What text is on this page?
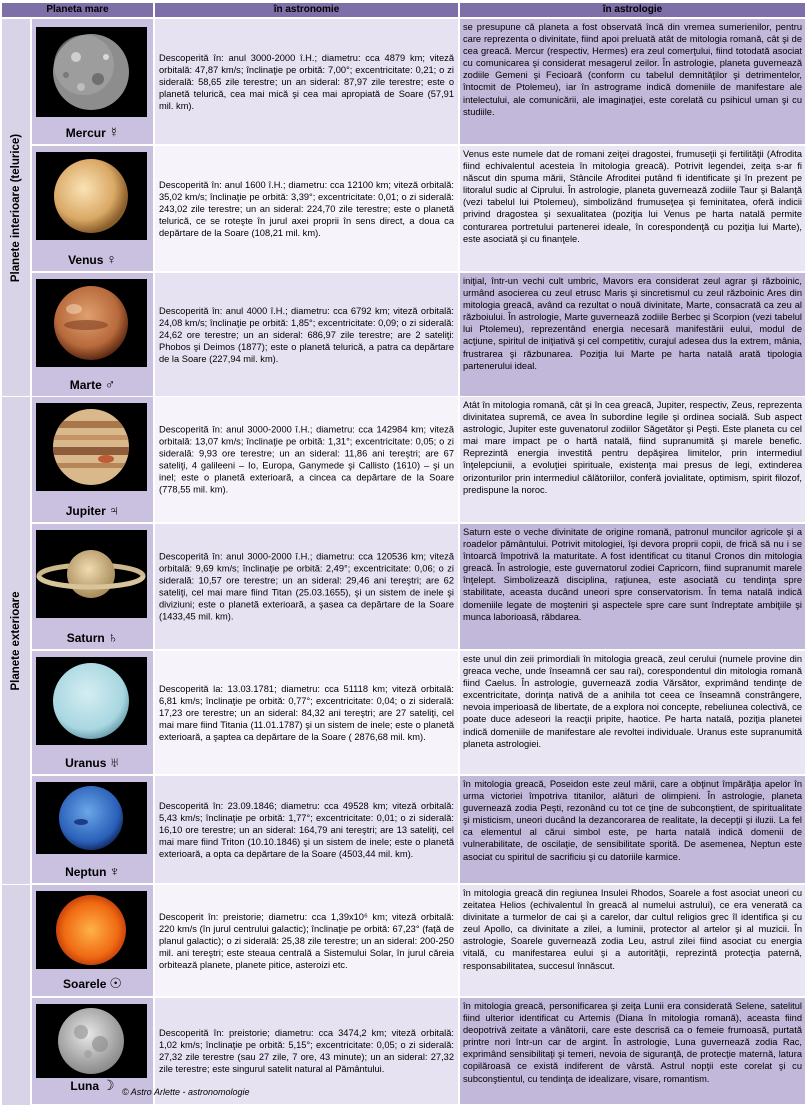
Planeta mare	în astronomie	în astrologie
Planete interioare (telurice)
Planete exterioare
Mercur ☿
Descoperită în: anul 3000-2000 î.H.; diametru: cca 4879 km; viteză orbitală: 47,87 km/s; înclinaţie pe orbită: 7,00°; excentricitate: 0,21; o zi siderală: 58,65 zile terestre; un an sideral: 87,97 zile terestre; este o planetă telurică, cea mai mică şi cea mai apropiată de Soare (57,91 mil. km).
se presupune că planeta a fost observată încă din vremea sumerienilor, pentru care reprezenta o divinitate, fiind apoi preluată atât de mitologia romană, cât şi de cea greacă. Mercur (respectiv, Hermes) era zeul comerţului, fiind totodată asociat cu comunicarea şi considerat mesagerul zeilor. În astrologie, planeta guvernează zodiile Gemeni şi Fecioară (conform cu tabelul demnităţilor şi detrimentelor, întocmit de Ptolemeu), iar în astrograme indică domeniile de manifestare ale intelectului, ale comunicării, ale imaginaţiei, este corelată cu psihicul uman şi cu studiile.
Venus ♀
Descoperită în: anul 1600 î.H.; diametru: cca 12100 km; viteză orbitală: 35,02 km/s; înclinaţie pe orbită: 3,39°; excentricitate: 0,01; o zi siderală: 243,02 zile terestre; un an sideral: 224,70 zile terestre; este o planetă telurică, ce se roteşte în jurul axei proprii în sens direct, a doua ca depărtare de la Soare (108,21 mil. km).
Venus este numele dat de romani zeiţei dragostei, frumuseţii şi fertilităţii (Afrodita fiind echivalentul acesteia în mitologia greacă). Potrivit legendei, zeiţa s-ar fi născut din spuma mării, Stâncile Afroditei putând fi identificate şi în prezent pe litoralul sudic al Ciprului. În astrologie, planeta guvernează zodiile Taur şi Balanţă (vezi tabelul lui Ptolemeu), simbolizând frumuseţea şi feminitatea, oferă indicii privind dragostea şi sexualitatea (poziţia lui Venus pe harta natală permite conturarea portretului partenerei ideale, în corespondenţă cu poziţia lui Marte), este asociată şi cu finanţele.
Marte ♂
Descoperită în: anul 4000 î.H.; diametru: cca 6792 km; viteză orbitală: 24,08 km/s; înclinaţie pe orbită: 1,85°; excentricitate: 0,09; o zi siderală: 24,62 ore terestre; un an sideral: 686,97 zile terestre; are 2 sateliţi: Phobos şi Deimos (1877); este o planetă telurică, a patra ca depărtare de la Soare (227,94 mil. km).
iniţial, într-un vechi cult umbric, Mavors era considerat zeul agrar şi războinic, urmând asocierea cu zeul etrusc Maris şi sincretismul cu zeul războinic Ares din mitologia greacă, având ca rezultat o nouă divinitate, Marte, consacrată ca zeu al războiului. În astrologie, Marte guvernează zodiile Berbec şi Scorpion (vezi tabelul lui Ptolemeu), reprezentând energia necesară manifestării eului, modul de acţiune, spiritul de iniţiativă şi cel competitiv, curajul adesea dus la extrem, mânia, frustrarea şi răzbunarea. Poziţia lui Marte pe harta natală arată tipologia partenerului ideal.
Jupiter ♃
Descoperită în: anul 3000-2000 î.H.; diametru: cca 142984 km; viteză orbitală: 13,07 km/s; înclinaţie pe orbită: 1,31°; excentricitate: 0,05; o zi siderală: 9,93 ore terestre; un an sideral: 11,86 ani tereştri; are 67 sateliţi, 4 galileeni – Io, Europa, Ganymede şi Callisto (1610) – şi un inel; este o planetă exterioară, a cincea ca depărtare de la Soare (778,55 mil. km).
Atât în mitologia romană, cât şi în cea greacă, Jupiter, respectiv, Zeus, reprezenta divinitatea supremă, ce avea în subordine legile şi ordinea socială. Sub aspect astrologic, Jupiter este guvenatorul zodiilor Săgetător şi Peşti. Este planeta cu cel mai mare impact pe o hartă natală, fiind supranumită şi marele benefic. Reprezintă energia investită pentru depăşirea limitelor, prin intermediul înţelepciunii, a evoluţiei spirituale, existenţa mai presus de legi, extinderea orizonturilor prin intermediul călătoriilor, conferă jovialitate, optimism, spirit filozof, predispune la noroc.
Saturn ♄
Descoperită în: anul 3000-2000 î.H.; diametru: cca 120536 km; viteză orbitală: 9,69 km/s; înclinaţie pe orbită: 2,49°; excentricitate: 0,06; o zi siderală: 10,57 ore terestre; un an sideral: 29,46 ani tereştri; are 62 sateliţi, cel mai mare fiind Titan (25.03.1655), şi un sistem de inele şi diviziuni; este o planetă exterioară, a şasea ca depărtare de la Soare (1433,45 mil. km).
Saturn este o veche divinitate de origine romană, patronul muncilor agricole şi a roadelor pământului. Potrivit mitologiei, îşi devora proprii copii, de frică să nu i se întoarcă împotrivă la maturitate. A fost identificat cu titanul Cronos din mitologia greacă. În astrologie, este guvernatorul zodiei Capricorn, fiind supranumit marele înţelept. Simbolizează disciplina, raţiunea, este asociată cu tendinţa spre stabilitate, aceasta ducând uneori spre conservatorism. În tema natală indică domeniile legate de moşteniri şi aspectele spre care sunt îndreptate ambiţiile şi munca laborioasă, răbdarea.
Uranus ♅
Descoperită la: 13.03.1781; diametru: cca 51118 km; viteză orbitală: 6,81 km/s; înclinaţie pe orbită: 0,77°; excentricitate: 0,04; o zi siderală: 17,23 ore terestre; un an sideral: 84,32 ani tereştri; are 27 sateliţi, cel mai mare fiind Titania (11.01.1787) şi un sistem de inele; este o planetă exterioară, a şaptea ca depărtare de la Soare ( 2876,68 mil. km).
este unul din zeii primordiali în mitologia greacă, zeul cerului (numele provine din greaca veche, unde înseamnă cer sau rai), corespondentul din mitologia romană fiind Caelus. În astrologie, guvernează zodia Vărsător, exprimând tendinţe de excentricitate, dorinţa nativă de a anihila tot ceea ce înseamnă constrângere, nevoia imperioasă de libertate, de a explora noi concepte, rebeliunea colectivă, ce poate duce adeseori la reacţii pripite, haotice. Pe harta natală, poziţia planetei indică domeniile de manifestare ale revoltei individuale. Uranus este supranumită planeta astrologiei.
Neptun ♆
Descoperită în: 23.09.1846; diametru: cca 49528 km; viteză orbitală: 5,43 km/s; înclinaţie pe orbită: 1,77°; excentricitate: 0,01; o zi siderală: 16,10 ore terestre; un an sideral: 164,79 ani tereştri; are 13 sateliţi, cel mai mare fiind Triton (10.10.1846) şi un sistem de inele; este o planetă exterioară, a opta ca depărtare de la Soare (4503,44 mil. km).
în mitologia greacă, Poseidon este zeul mării, care a obţinut împărăţia apelor în urma victoriei împotriva titanilor, alături de olimpieni. În astrologie, planeta guvernează zodia Peşti, rezonând cu tot ce ţine de subconştient, de spiritualitate şi misticism, uneori ducând la dezancorarea de realitate, la decepţii şi iluzii. La fel ca elementul al cărui simbol este, pe harta natală indică domenii de vulnerabilitate, de oscilaţie, de sensibilitate sporită. De asemenea, Neptun este asociat cu spiritul de sacrificiu şi cu datoriile karmice.
Soarele ☉
Descoperit în: preistorie; diametru: cca 1,39x10⁶ km; viteză orbitală: 220 km/s (în jurul centrului galactic); înclinaţie pe orbită: 67,23° (faţă de planul galactic); o zi siderală: 25,38 zile terestre; un an sideral: 200-250 mil. ani tereştri; este steaua centrală a Sistemului Solar, în jurul căreia orbitează planete, planete pitice, asteroizi etc.
în mitologia greacă din regiunea Insulei Rhodos, Soarele a fost asociat uneori cu zeitatea Helios (echivalentul în greacă al numelui astrului), ce era venerată ca divinitate a turmelor de cai şi a carelor, dar cultul religios grec îl identifica şi cu zeul Apollo, ca divinitate a zilei, a luminii, protector al artelor şi al muzicii. În astrologie, Soarele guvernează zodia Leu, astrul zilei fiind asociat cu energia vitală, cu manifestarea eului şi a autorităţii, reprezintă protecţia paternă, responsabilitatea, succesul înnăscut.
Luna ☽
Descoperită în: preistorie; diametru: cca 3474,2 km; viteză orbitală: 1,02 km/s; înclinaţie pe orbită: 5,15°; excentricitate: 0,05; o zi siderală: 27,32 zile terestre (sau 27 zile, 7 ore, 43 minute); un an sideral: 27,32 zile terestre; este singurul satelit natural al Pământului.
în mitologia greacă, personificarea şi zeiţa Lunii era considerată Selene, satelitul fiind ulterior identificat cu Artemis (Diana în mitologia romană), aceasta fiind deopotrivă zeitate a vânătorii, care este descrisă ca o femeie frumoasă, purtată printre nori într-un car de argint. În astrologie, Luna guvernează zodia Rac, exprimând sensibilitaţi şi temeri, nevoia de siguranţă, de protecţie maternă, latura copilăroasă ce există indiferent de vârstă. Astrul nopţii este corelat şi cu subconştientul, cu tendinţa de idealizare, visare, romantism.
© Astro Arlette - astronomologie
